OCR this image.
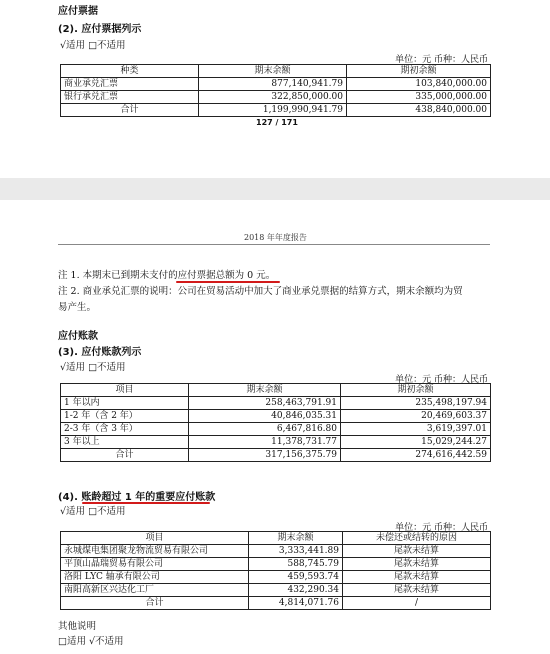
应付票据
(2). 应付票据列示
√适用 □不适用
单位：元 币种：人民币
种类	期末余额	期初余额
商业承兑汇票	877,140,941.79	103,840,000.00
银行承兑汇票	322,850,000.00	335,000,000.00
合计	1,199,990,941.79	438,840,000.00
127 / 171
2018 年年度报告
注 1. 本期末已到期未支付的应付票据总额为 0 元。
注 2. 商业承兑汇票的说明：公司在贸易活动中加大了商业承兑票据的结算方式，期末余额均为贸
易产生。
应付账款
(3). 应付账款列示
√适用 □不适用
单位：元 币种：人民币
项目	期末余额	期初余额
1 年以内	258,463,791.91	235,498,197.94
1-2 年（含 2 年）	40,846,035.31	20,469,603.37
2-3 年（含 3 年）	6,467,816.80	3,619,397.01
3 年以上	11,378,731.77	15,029,244.27
合计	317,156,375.79	274,616,442.59
(4). 账龄超过 1 年的重要应付账款
√适用 □不适用
单位：元 币种：人民币
项目	期末余额	未偿还或结转的原因
永城煤电集团聚龙物流贸易有限公司	3,333,441.89	尾款未结算
平顶山晶瑞贸易有限公司	588,745.79	尾款未结算
洛阳 LYC 轴承有限公司	459,593.74	尾款未结算
南阳高新区兴达化工厂	432,290.34	尾款未结算
合计	4,814,071.76	/
其他说明
□适用 √不适用
